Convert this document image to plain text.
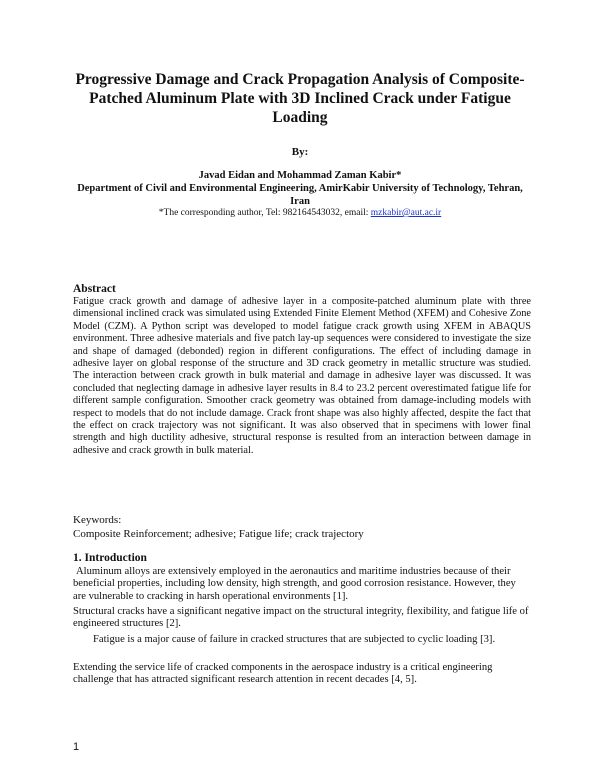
Progressive Damage and Crack Propagation Analysis of Composite-Patched Aluminum Plate with 3D Inclined Crack under Fatigue Loading
By:
Javad Eidan and Mohammad Zaman Kabir*
Department of Civil and Environmental Engineering, AmirKabir University of Technology, Tehran, Iran
*The corresponding author, Tel: 982164543032, email: mzkabir@aut.ac.ir
Abstract
Fatigue crack growth and damage of adhesive layer in a composite-patched aluminum plate with three dimensional inclined crack was simulated using Extended Finite Element Method (XFEM) and Cohesive Zone Model (CZM). A Python script was developed to model fatigue crack growth using XFEM in ABAQUS environment. Three adhesive materials and five patch lay-up sequences were considered to investigate the size and shape of damaged (debonded) region in different configurations. The effect of including damage in adhesive layer on global response of the structure and 3D crack geometry in metallic structure was studied. The interaction between crack growth in bulk material and damage in adhesive layer was discussed. It was concluded that neglecting damage in adhesive layer results in 8.4 to 23.2 percent overestimated fatigue life for different sample configuration. Smoother crack geometry was obtained from damage-including models with respect to models that do not include damage. Crack front shape was also highly affected, despite the fact that the effect on crack trajectory was not significant. It was also observed that in specimens with lower final strength and high ductility adhesive, structural response is resulted from an interaction between damage in adhesive and crack growth in bulk material.
Keywords:
Composite Reinforcement; adhesive; Fatigue life; crack trajectory
1. Introduction
Aluminum alloys are extensively employed in the aeronautics and maritime industries because of their beneficial properties, including low density, high strength, and good corrosion resistance. However, they are vulnerable to cracking in harsh operational environments [1].
Structural cracks have a significant negative impact on the structural integrity, flexibility, and fatigue life of engineered structures [2].
Fatigue is a major cause of failure in cracked structures that are subjected to cyclic loading [3].
Extending the service life of cracked components in the aerospace industry is a critical engineering challenge that has attracted significant research attention in recent decades [4, 5].
1
